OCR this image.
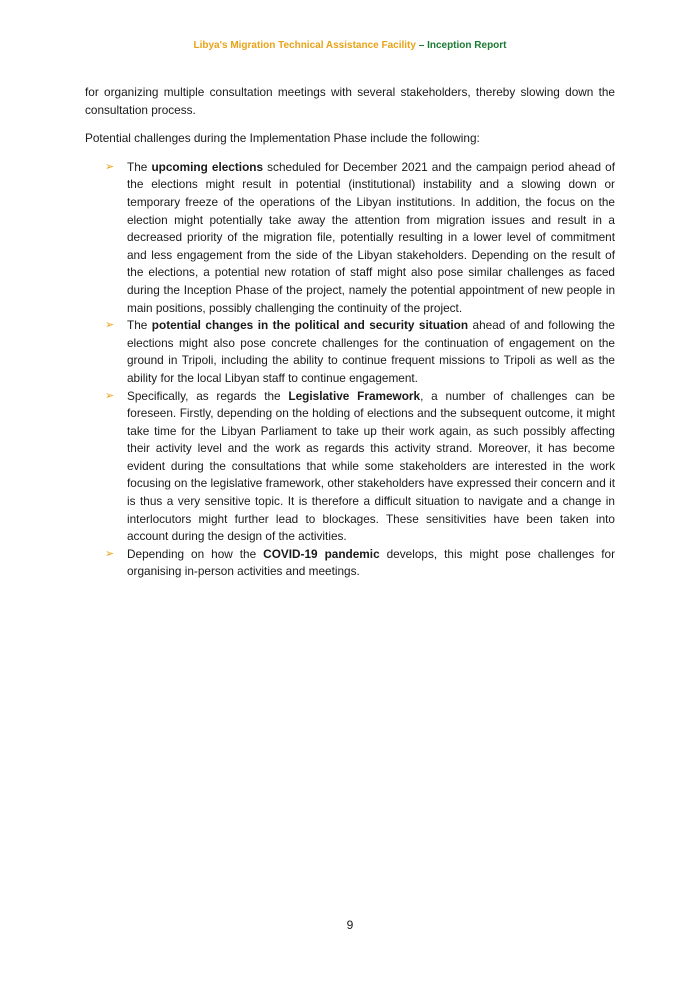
Libya's Migration Technical Assistance Facility – Inception Report

for organizing multiple consultation meetings with several stakeholders, thereby slowing down the consultation process.

Potential challenges during the Implementation Phase include the following:

➢ The upcoming elections scheduled for December 2021 and the campaign period ahead of the elections might result in potential (institutional) instability and a slowing down or temporary freeze of the operations of the Libyan institutions. In addition, the focus on the election might potentially take away the attention from migration issues and result in a decreased priority of the migration file, potentially resulting in a lower level of commitment and less engagement from the side of the Libyan stakeholders. Depending on the result of the elections, a potential new rotation of staff might also pose similar challenges as faced during the Inception Phase of the project, namely the potential appointment of new people in main positions, possibly challenging the continuity of the project.
➢ The potential changes in the political and security situation ahead of and following the elections might also pose concrete challenges for the continuation of engagement on the ground in Tripoli, including the ability to continue frequent missions to Tripoli as well as the ability for the local Libyan staff to continue engagement.
➢ Specifically, as regards the Legislative Framework, a number of challenges can be foreseen. Firstly, depending on the holding of elections and the subsequent outcome, it might take time for the Libyan Parliament to take up their work again, as such possibly affecting their activity level and the work as regards this activity strand. Moreover, it has become evident during the consultations that while some stakeholders are interested in the work focusing on the legislative framework, other stakeholders have expressed their concern and it is thus a very sensitive topic. It is therefore a difficult situation to navigate and a change in interlocutors might further lead to blockages. These sensitivities have been taken into account during the design of the activities.
➢ Depending on how the COVID-19 pandemic develops, this might pose challenges for organising in-person activities and meetings.
9
